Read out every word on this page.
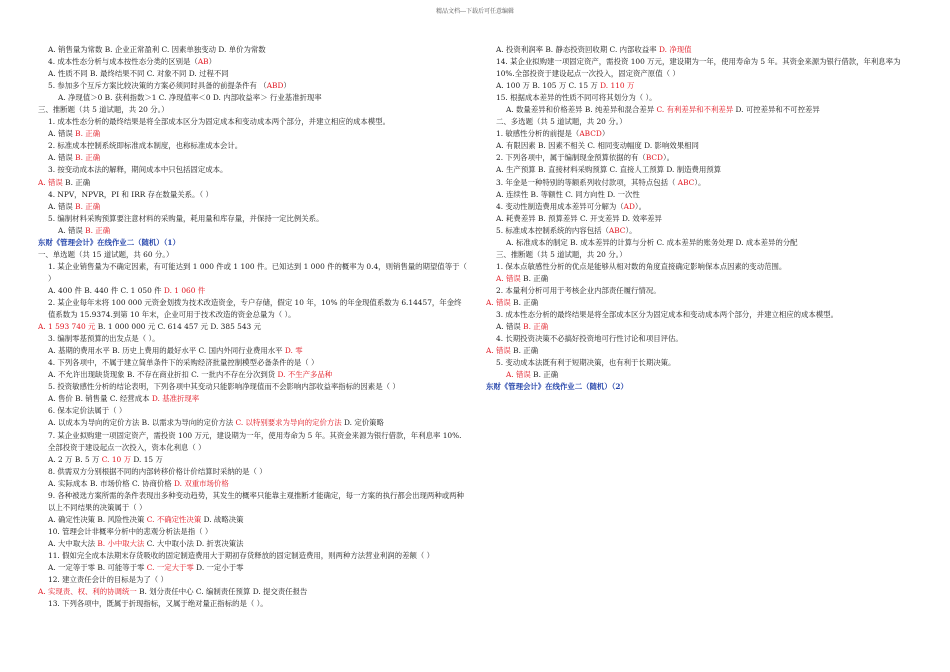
精品文档---下载后可任意编辑
A. 销售量为常数 B. 企业正常盈利 C. 因素单独变动 D. 单价为常数
4. 成本性态分析与成本按性态分类的区别是（AB）
A. 性质不同 B. 最终结果不同 C. 对象不同 D. 过程不同
5. 参加多个互斥方案比较决策的方案必须同时具备的前提条件有 （ABD）
A. 净现值＞0 B. 获利指数＞1 C. 净现值率＜0 D. 内部收益率＞ 行业基准折现率
三、推断题（共 5 道试题，共 20 分。）
1. 成本性态分析的最终结果是将全部成本区分为固定成本和变动成本两个部分，并建立相应的成本模型。
A. 错误 B. 正确
2. 标准成本控制系统即标准成本制度，也称标准成本会计。
A. 错误 B. 正确
3. 按变动成本法的解释，期间成本中只包括固定成本。
A. 错误 B. 正确
4. NPV，NPVR，PI 和 IRR 存在数量关系。（ ）
A. 错误 B. 正确
5. 编制材料采购预算要注意材料的采购量，耗用量和库存量，并保持一定比例关系。
A. 错误 B. 正确
东财《管理会计》在线作业二（随机）（1）
一、单选题（共 15 道试题，共 60 分。）
1. 某企业销售量为不确定因素，有可能达到 1 000 件或 1 100 件。已知达到 1 000 件的概率为 0.4，则销售量的期望值等于（ ）
A. 400 件 B. 440 件 C. 1 050 件 D. 1 060 件
2. 某企业每年末将 100 000 元资金划拨为技术改造资金，专户存储，假定 10 年，10% 的年金现值系数为 6.14457，年金终值系数为 15.9374.到第 10 年末，企业可用于技术改造的资金总量为（ ）。
A. 1 593 740 元 B. 1 000 000 元 C. 614 457 元 D. 385 543 元
3. 编制零基预算的出发点是（ ）。
A. 基期的费用水平 B. 历史上费用的最好水平 C. 国内外同行业费用水平 D. 零
4. 下列各项中，不属于建立简单条件下的采购经济批量控制模型必备条件的是（ ）
A. 不允许出现缺货现象 B. 不存在商业折扣 C. 一批内不存在分次到货 D. 不生产多品种
5. 投资敏感性分析的结论表明，下列各项中其变动只能影响净现值而不会影响内部收益率指标的因素是（ ）
A. 售价 B. 销售量 C. 经营成本 D. 基准折现率
6. 保本定价法属于（ ）
A. 以成本为导向的定价方法 B. 以需求为导向的定价方法 C. 以特别要求为导向的定价方法 D. 定价策略
7. 某企业拟购建一项固定资产，需投资 100 万元，建设期为一年，使用寿命为 5 年。其资金来源为银行借款，年利息率 10%.全部投资于建设起点一次投入，资本化利息（ ）
A. 2 万 B. 5 万 C. 10 万 D. 15 万
8. 供需双方分别根据不同的内部转移价格计价结算时采纳的是（ ）
A. 实际成本 B. 市场价格 C. 协商价格 D. 双重市场价格
9. 各种被选方案所需的条件表现出多种变动趋势，其发生的概率只能靠主观推断才能确定，每一方案的执行都会出现两种或两种以上不同结果的决策属于（ ）
A. 确定性决策 B. 风险性决策 C. 不确定性决策 D. 战略决策
10. 管理会计非概率分析中的悲观分析法是指（ ）
A. 大中取大法 B. 小中取大法 C. 大中取小法 D. 折衷决策法
11. 假如完全成本法期末存货吸收的固定制造费用大于期初存货释放的固定制造费用，则两种方法营业利润的差额（ ）
A. 一定等于零 B. 可能等于零 C. 一定大于零 D. 一定小于零
12. 建立责任会计的目标是为了（ ）
A. 实现责、权、利的协调统一 B. 划分责任中心 C. 编制责任预算 D. 提交责任报告
13. 下列各项中，既属于折现指标，又属于绝对量正指标的是（ ）。
A. 投资利润率 B. 静态投资回收期 C. 内部收益率 D. 净现值
14. 某企业拟购建一项固定资产，需投资 100 万元，建设期为一年，使用寿命为 5 年。其资金来源为银行借款，年利息率为 10%.全部投资于建设起点一次投入，固定资产原值（ ）
A. 100 万 B. 105 万 C. 15 万 D. 110 万
15. 根据成本差异的性质不同可将其划分为（ ）。
A. 数量差异和价格差异 B. 纯差异和混合差异 C. 有利差异和不利差异 D. 可控差异和不可控差异
二、多选题（共 5 道试题，共 20 分。）
1. 敏感性分析的前提是（ABCD）
A. 有限因素 B. 因素不相关 C. 相同变动幅度 D. 影响效果相同
2. 下列各项中，属于编制现金预算依据的有（BCD）。
A. 生产预算 B. 直接材料采购预算 C. 直接人工预算 D. 制造费用预算
3. 年金是一种特别的等额系列收付款项，其特点包括（ ABC）。
A. 连续性 B. 等额性 C. 同方向性 D. 一次性
4. 变动性制造费用成本差异可分解为（AD）。
A. 耗费差异 B. 预算差异 C. 开支差异 D. 效率差异
5. 标准成本控制系统的内容包括（ABC）。
A. 标准成本的制定 B. 成本差异的计算与分析 C. 成本差异的账务处理 D. 成本差异的分配
三、推断题（共 5 道试题，共 20 分。）
1. 保本点敏感性分析的优点是能够从相对数的角度直接确定影响保本点因素的变动范围。
A. 错误 B. 正确
2. 本量利分析可用于考核企业内部责任履行情况。
A. 错误 B. 正确
3. 成本性态分析的最终结果是将全部成本区分为固定成本和变动成本两个部分，并建立相应的成本模型。
A. 错误 B. 正确
4. 长期投资决策不必搞好投资地可行性讨论和项目评估。
A. 错误 B. 正确
5. 变动成本法既有利于短期决策，也有利于长期决策。
A. 错误 B. 正确
东财《管理会计》在线作业二（随机）（2）
